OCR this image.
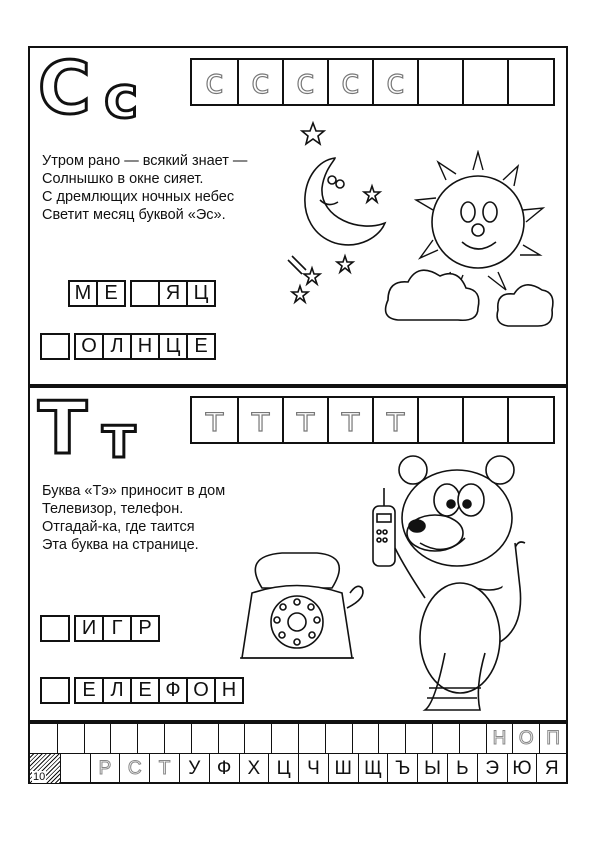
С с	с с с с с
Утром рано — всякий знает —
Солнышко в окне сияет.
С дремлющих ночных небес
Светит месяц буквой «Эс».
М Е	Я Ц
О Л Н Ц Е
Т т	т т т т т
Буква «Тэ» приносит в дом
Телевизор, телефон.
Отгадай-ка, где таится
Эта буква на странице.
И Г Р
Е Л Е Ф О Н
Н О П
10	Р С Т У Ф Х Ц Ч Ш Щ Ъ Ы Ь Э Ю Я
